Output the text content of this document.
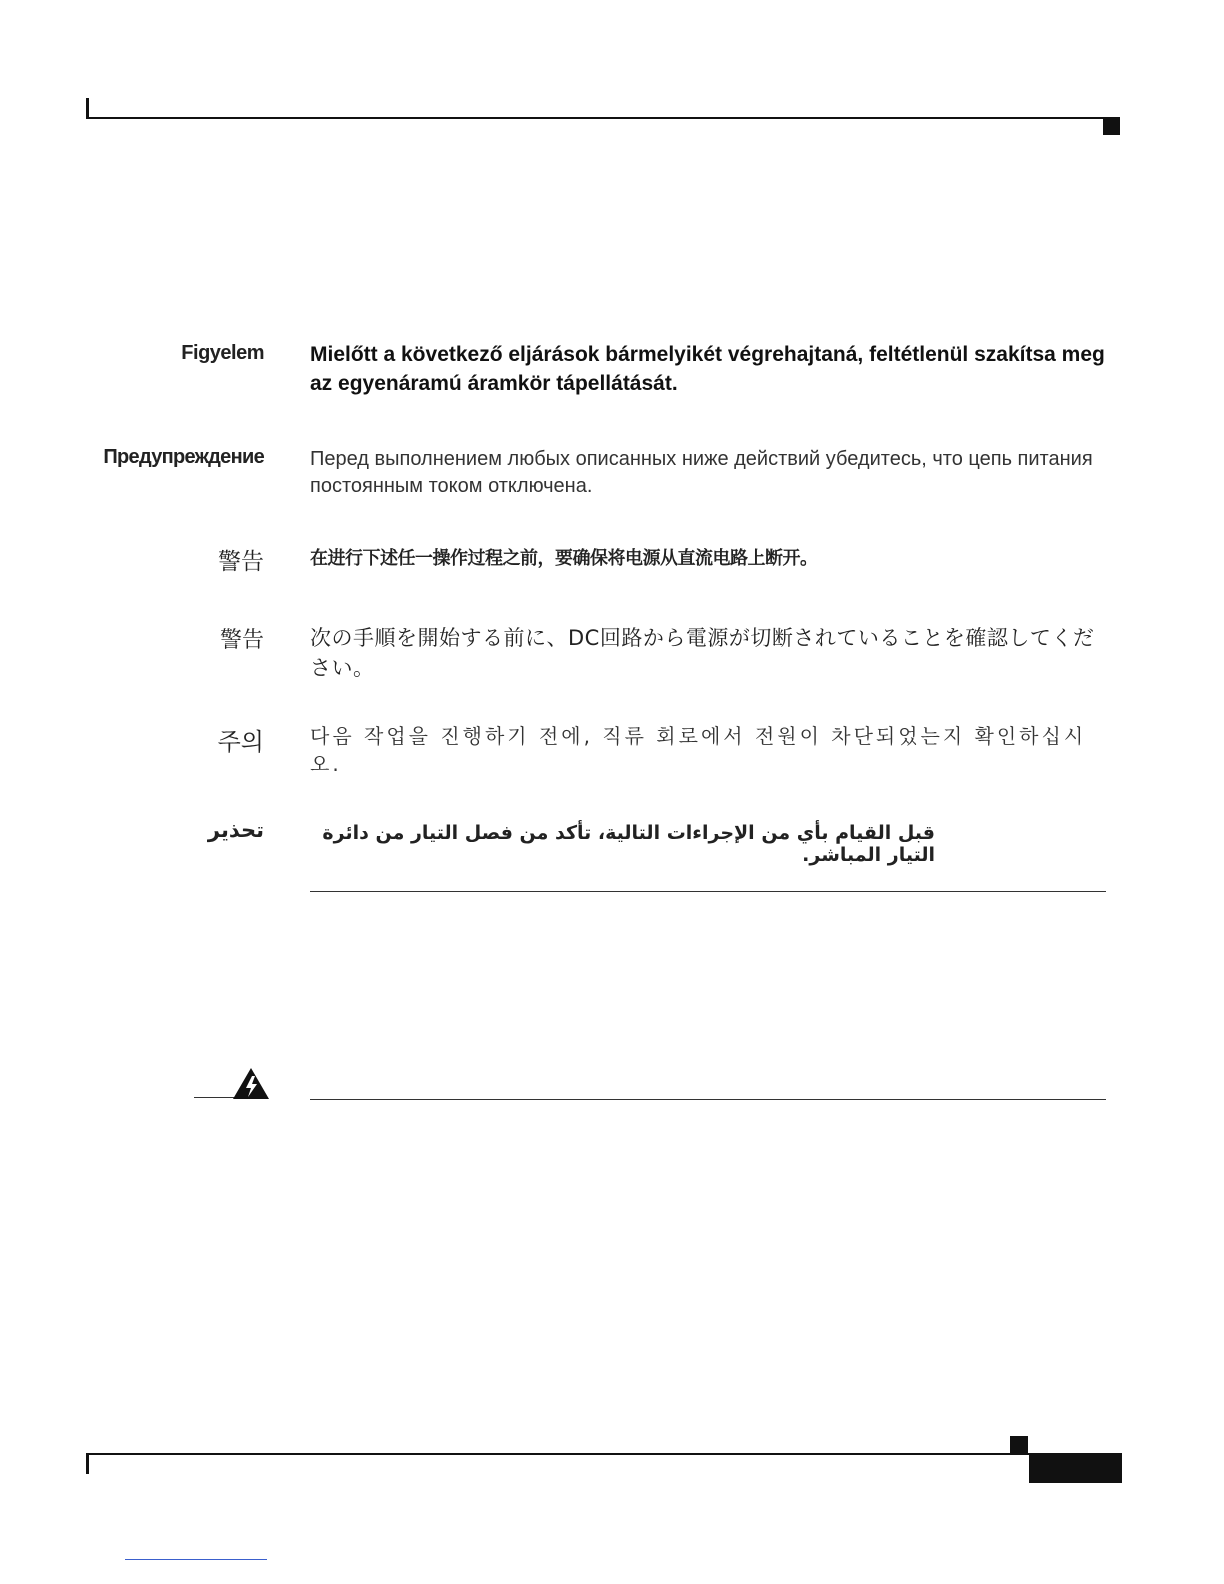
Figyelem Mielőtt a következő eljárások bármelyikét végrehajtaná, feltétlenül szakítsa meg az egyenáramú áramkör tápellátását.
Предупреждение Перед выполнением любых описанных ниже действий убедитесь, что цепь питания постоянным током отключена.
警告	在进行下述任一操作过程之前，要确保将电源从直流电路上断开。
警告 次の手順を開始する前に、DC回路から電源が切断されていることを確認してください。
주의 다음 작업을 진행하기 전에, 직류 회로에서 전원이 차단되었는지 확인하십시오.
تحذير	قبل القيام بأي من الإجراءات التالية، تأكد من فصل التيار من دائرة التيار المباشر.
